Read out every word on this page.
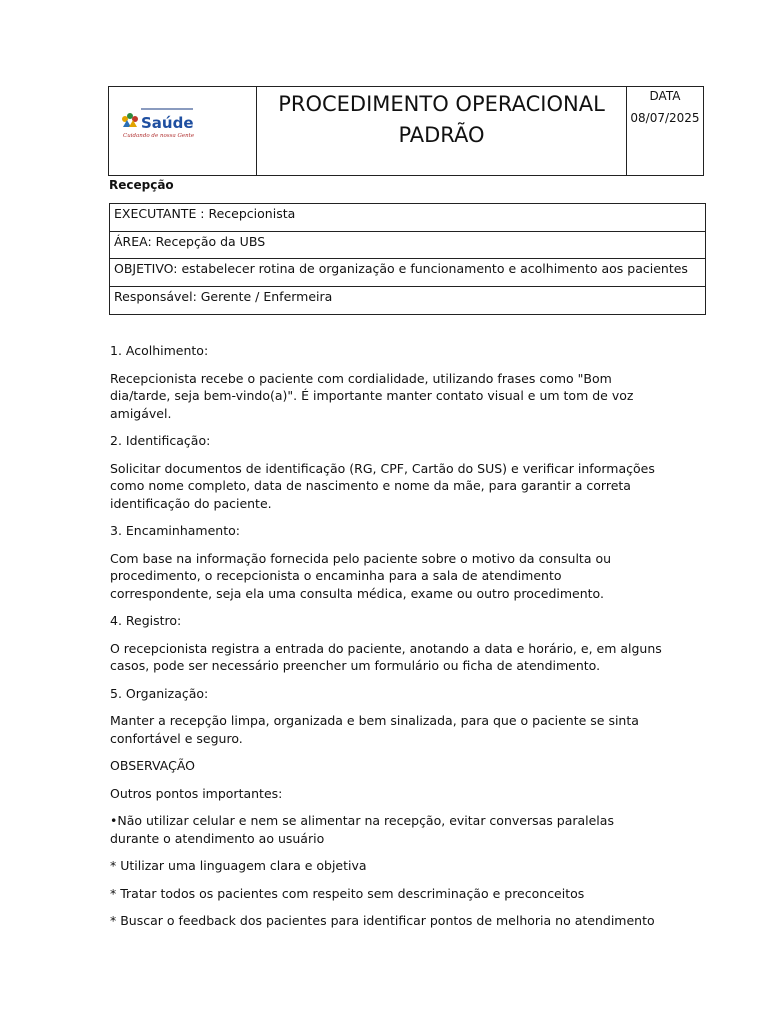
Saúde
Cuidando de nossa Gente
PROCEDIMENTO OPERACIONAL
PADRÃO
DATA
08/07/2025
Recepção
EXECUTANTE : Recepcionista
ÁREA: Recepção da UBS
OBJETIVO: estabelecer rotina de organização e funcionamento e acolhimento aos pacientes
Responsável: Gerente / Enfermeira

1. Acolhimento:

Recepcionista recebe o paciente com cordialidade, utilizando frases como "Bom dia/tarde, seja bem-vindo(a)". É importante manter contato visual e um tom de voz amigável.

2. Identificação:

Solicitar documentos de identificação (RG, CPF, Cartão do SUS) e verificar informações como nome completo, data de nascimento e nome da mãe, para garantir a correta identificação do paciente.

3. Encaminhamento:

Com base na informação fornecida pelo paciente sobre o motivo da consulta ou procedimento, o recepcionista o encaminha para a sala de atendimento correspondente, seja ela uma consulta médica, exame ou outro procedimento.

4. Registro:

O recepcionista registra a entrada do paciente, anotando a data e horário, e, em alguns casos, pode ser necessário preencher um formulário ou ficha de atendimento.

5. Organização:

Manter a recepção limpa, organizada e bem sinalizada, para que o paciente se sinta confortável e seguro.

OBSERVAÇÃO

Outros pontos importantes:

•Não utilizar celular e nem se alimentar na recepção, evitar conversas paralelas durante o atendimento ao usuário

* Utilizar uma linguagem clara e objetiva

* Tratar todos os pacientes com respeito sem descriminação e preconceitos

* Buscar o feedback dos pacientes para identificar pontos de melhoria no atendimento
